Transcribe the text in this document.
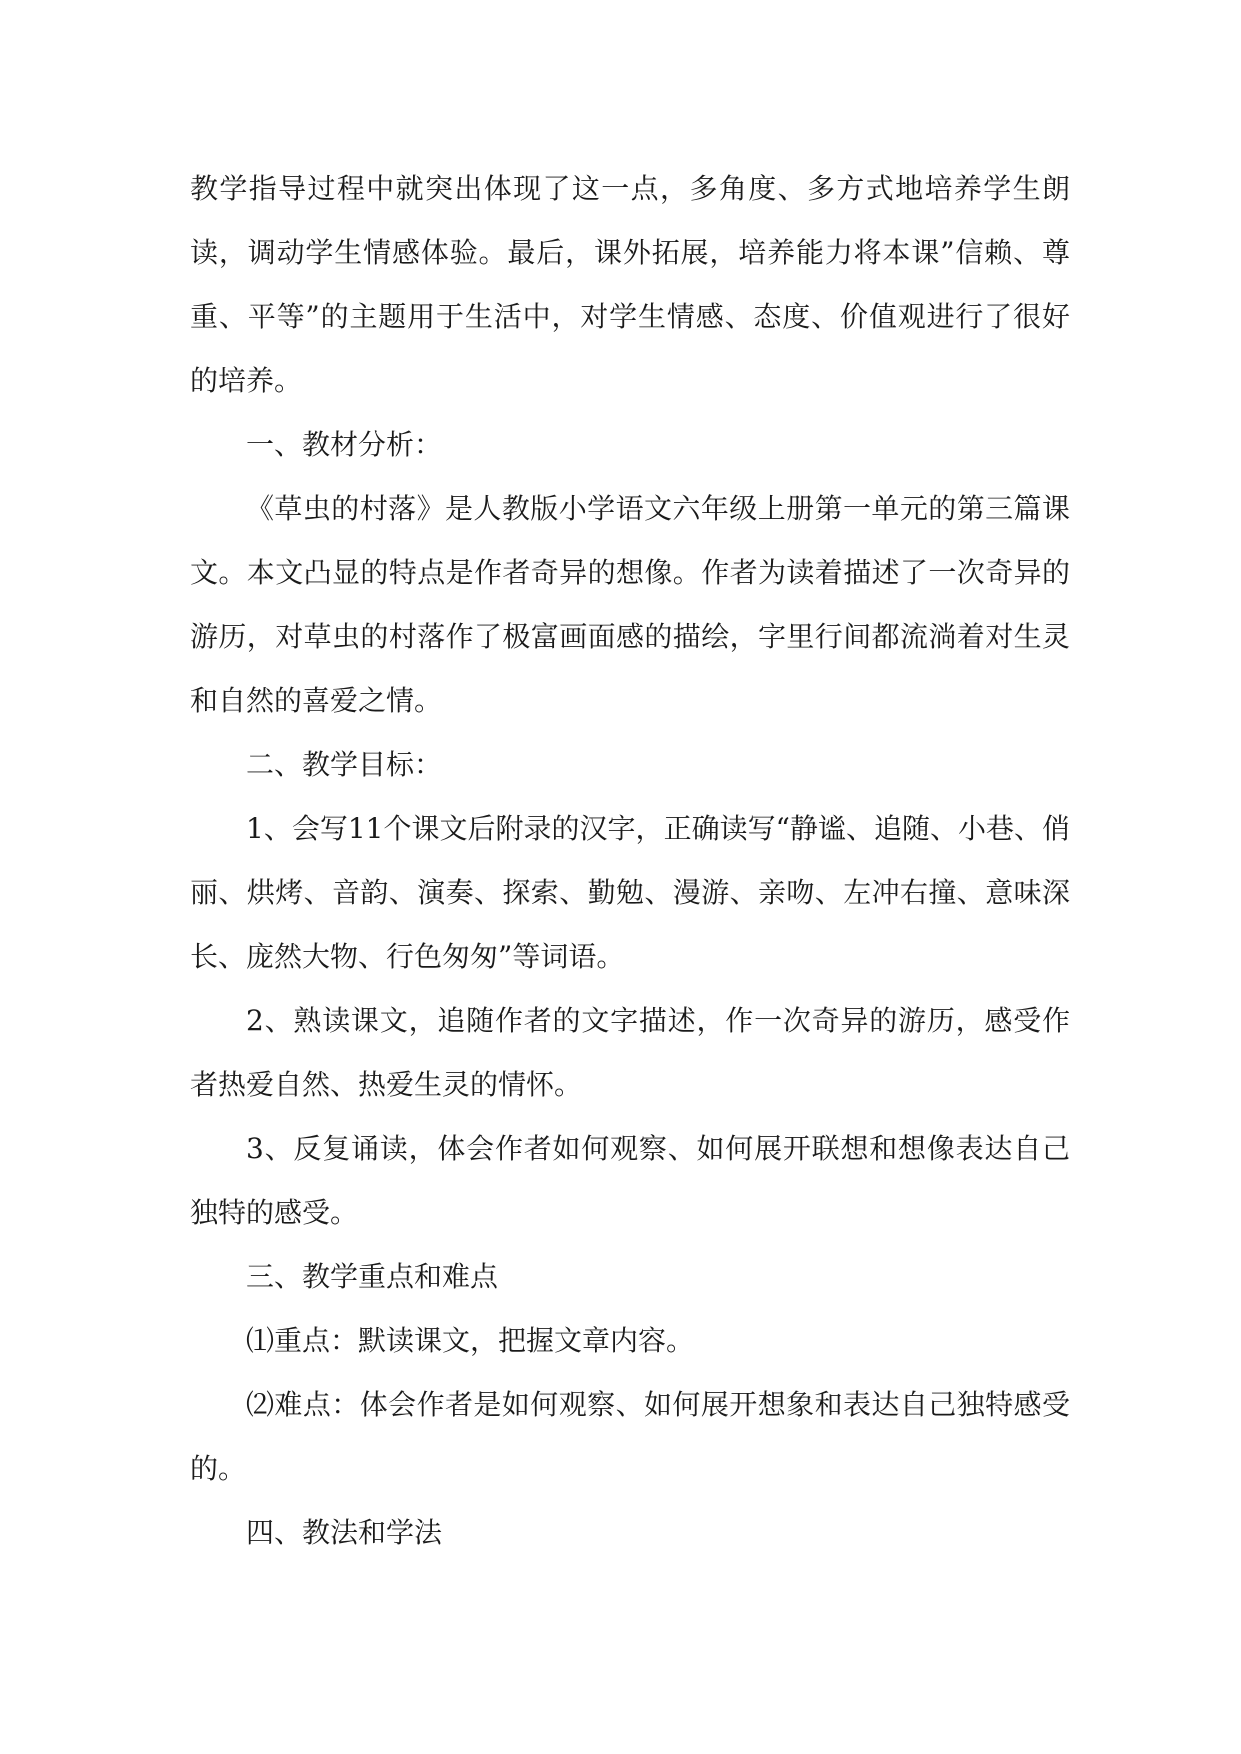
教学指导过程中就突出体现了这一点，多角度、多方式地培养学生朗读，调动学生情感体验。最后，课外拓展，培养能力将本课”信赖、尊重、平等”的主题用于生活中，对学生情感、态度、价值观进行了很好的培养。

一、教材分析：

《草虫的村落》是人教版小学语文六年级上册第一单元的第三篇课文。本文凸显的特点是作者奇异的想像。作者为读着描述了一次奇异的游历，对草虫的村落作了极富画面感的描绘，字里行间都流淌着对生灵和自然的喜爱之情。

二、教学目标：

1、会写11个课文后附录的汉字，正确读写“静谧、追随、小巷、俏丽、烘烤、音韵、演奏、探索、勤勉、漫游、亲吻、左冲右撞、意味深长、庞然大物、行色匆匆”等词语。

2、熟读课文，追随作者的文字描述，作一次奇异的游历，感受作者热爱自然、热爱生灵的情怀。

3、反复诵读，体会作者如何观察、如何展开联想和想像表达自己独特的感受。

三、教学重点和难点

⑴重点：默读课文，把握文章内容。

⑵难点：体会作者是如何观察、如何展开想象和表达自己独特感受的。

四、教法和学法
